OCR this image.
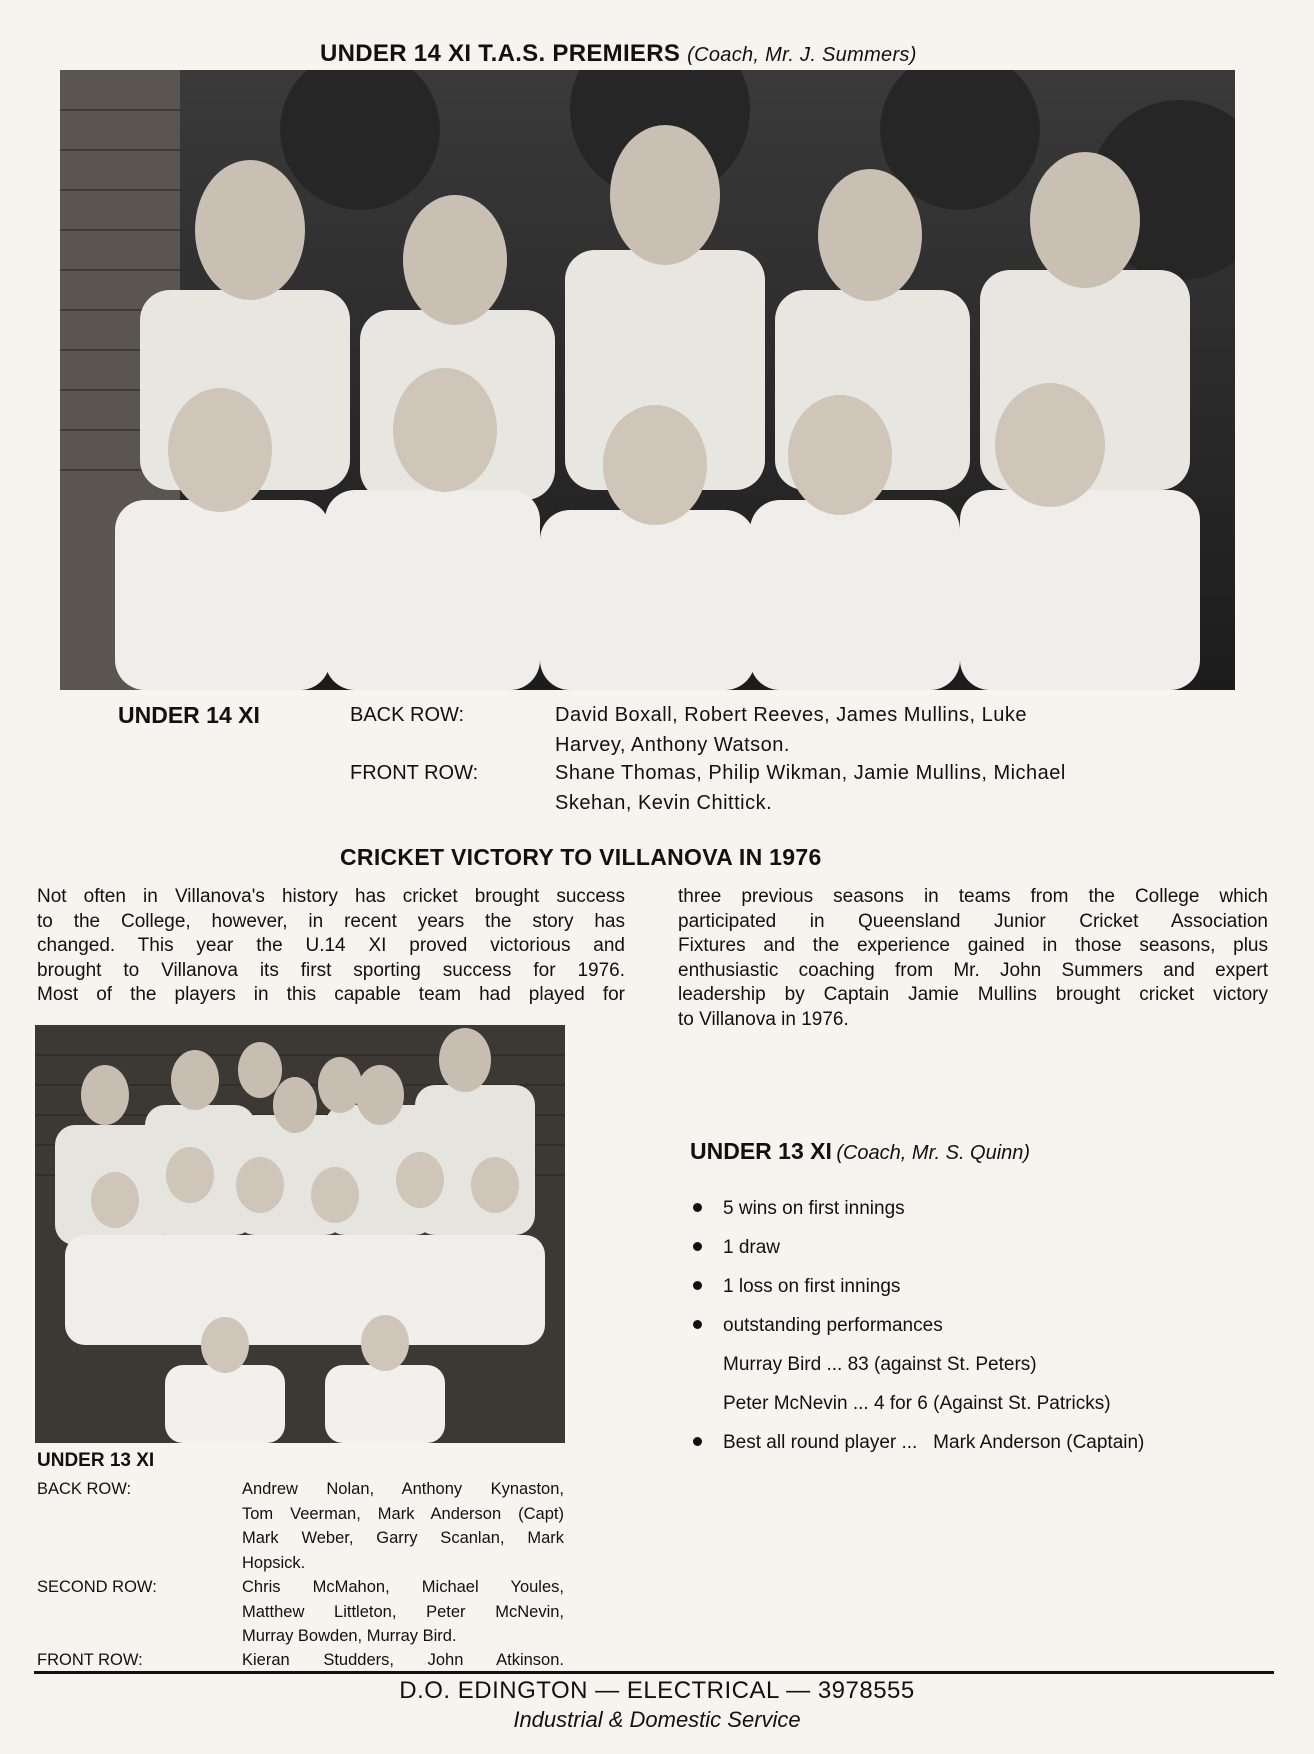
UNDER 14 XI T.A.S. PREMIERS (Coach, Mr. J. Summers)
UNDER 14 XI	BACK ROW:	David Boxall, Robert Reeves, James Mullins, Luke
Harvey, Anthony Watson.
FRONT ROW:	Shane Thomas, Philip Wikman, Jamie Mullins, Michael
Skehan, Kevin Chittick.
CRICKET VICTORY TO VILLANOVA IN 1976
Not often in Villanova's history has cricket brought success
to the College, however, in recent years the story has
changed. This year the U.14 XI proved victorious and
brought to Villanova its first sporting success for 1976.
Most of the players in this capable team had played for
three previous seasons in teams from the College which
participated in Queensland Junior Cricket Association
Fixtures and the experience gained in those seasons, plus
enthusiastic coaching from Mr. John Summers and expert
leadership by Captain Jamie Mullins brought cricket victory
to Villanova in 1976.
UNDER 13 XI
BACK ROW:	Andrew Nolan, Anthony Kynaston,
Tom Veerman, Mark Anderson (Capt)
Mark Weber, Garry Scanlan, Mark
Hopsick.
SECOND ROW:	Chris McMahon, Michael Youles,
Matthew Littleton, Peter McNevin,
Murray Bowden, Murray Bird.
FRONT ROW:	Kieran Studders, John Atkinson.
UNDER 13 XI (Coach, Mr. S. Quinn)
5 wins on first innings
1 draw
1 loss on first innings
outstanding performances
Murray Bird ... 83 (against St. Peters)
Peter McNevin ... 4 for 6 (Against St. Patricks)
Best all round player ... Mark Anderson (Captain)
D.O. EDINGTON — ELECTRICAL — 3978555
Industrial & Domestic Service
